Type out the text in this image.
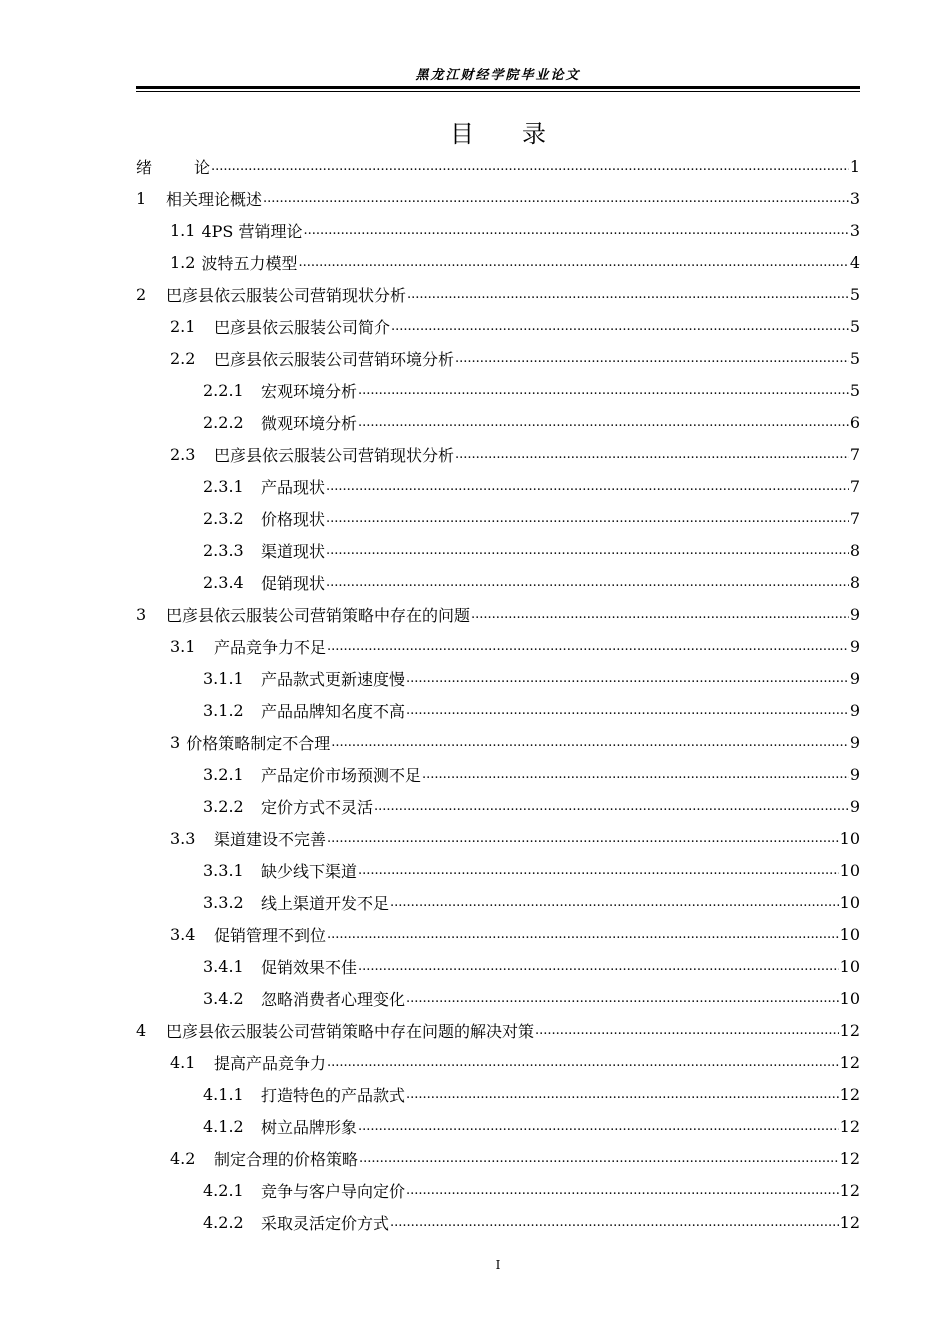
黑龙江财经学院毕业论文
目　　录
绪	论 .....	1
1	相关理论概述 .....	3
1.1 4PS 营销理论 .....	3
1.2 波特五力模型 .....	4
2	巴彦县依云服装公司营销现状分析 .....	5
2.1	巴彦县依云服装公司简介 .....	5
2.2	巴彦县依云服装公司营销环境分析 .....	5
2.2.1	宏观环境分析 .....	5
2.2.2	微观环境分析 .....	6
2.3	巴彦县依云服装公司营销现状分析 .....	7
2.3.1	产品现状 .....	7
2.3.2	价格现状 .....	7
2.3.3	渠道现状 .....	8
2.3.4	促销现状 .....	8
3	巴彦县依云服装公司营销策略中存在的问题 .....	9
3.1	产品竞争力不足 .....	9
3.1.1	产品款式更新速度慢 .....	9
3.1.2	产品品牌知名度不高 .....	9
3 价格策略制定不合理 .....	9
3.2.1	产品定价市场预测不足 .....	9
3.2.2	定价方式不灵活 .....	9
3.3	渠道建设不完善 .....	10
3.3.1	缺少线下渠道 .....	10
3.3.2	线上渠道开发不足 .....	10
3.4	促销管理不到位 .....	10
3.4.1	促销效果不佳 .....	10
3.4.2	忽略消费者心理变化 .....	10
4	巴彦县依云服装公司营销策略中存在问题的解决对策 .....	12
4.1	提高产品竞争力 .....	12
4.1.1	打造特色的产品款式 .....	12
4.1.2	树立品牌形象 .....	12
4.2	制定合理的价格策略 .....	12
4.2.1	竞争与客户导向定价 .....	12
4.2.2	采取灵活定价方式 .....	12
I
